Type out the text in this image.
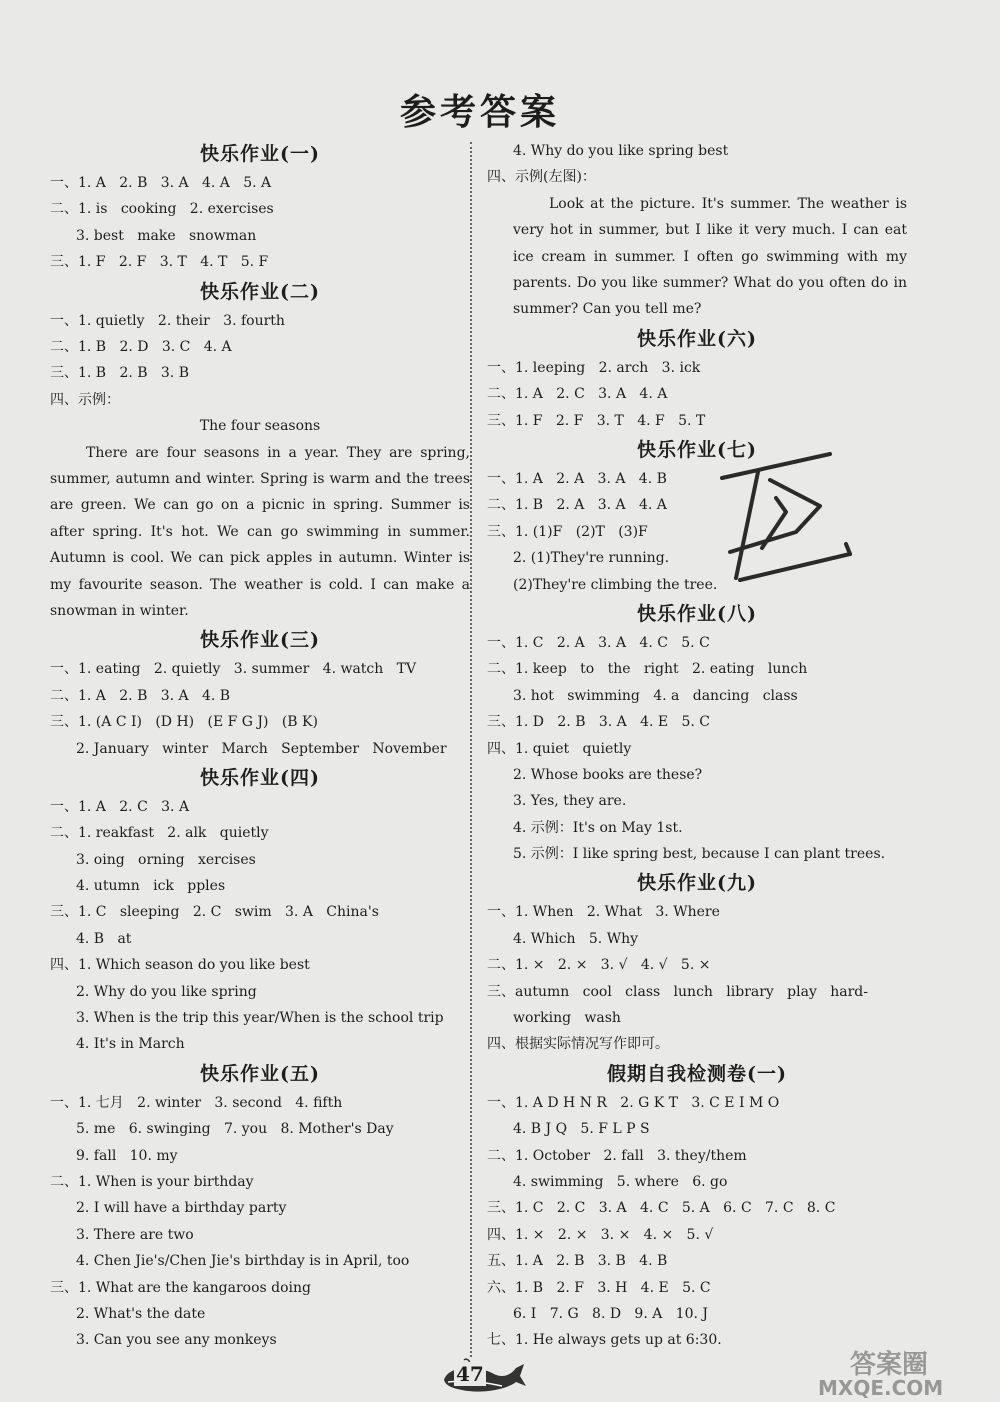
参考答案
快乐作业(一)
一、1. A   2. B   3. A   4. A   5. A
二、1. is   cooking   2. exercises
3. best   make   snowman
三、1. F   2. F   3. T   4. T   5. F
快乐作业(二)
一、1. quietly   2. their   3. fourth
二、1. B   2. D   3. C   4. A
三、1. B   2. B   3. B
四、示例：
The four seasons

There are four seasons in a year. They are spring, summer, autumn and winter. Spring is warm and the trees are green. We can go on a picnic in spring. Summer is after spring. It's hot. We can go swimming in summer. Autumn is cool. We can pick apples in autumn. Winter is my favourite season. The weather is cold. I can make a snowman in winter.

快乐作业(三)
一、1. eating   2. quietly   3. summer   4. watch   TV
二、1. A   2. B   3. A   4. B
三、1. (A C I)   (D H)   (E F G J)   (B K)
2. January   winter   March   September   November
快乐作业(四)
一、1. A   2. C   3. A
二、1. reakfast   2. alk   quietly
3. oing   orning   xercises
4. utumn   ick   pples
三、1. C   sleeping   2. C   swim   3. A   China's
4. B   at
四、1. Which season do you like best
2. Why do you like spring
3. When is the trip this year/When is the school trip
4. It's in March
快乐作业(五)
一、1. 七月   2. winter   3. second   4. fifth
5. me   6. swinging   7. you   8. Mother's Day
9. fall   10. my
二、1. When is your birthday
2. I will have a birthday party
3. There are two
4. Chen Jie's/Chen Jie's birthday is in April, too
三、1. What are the kangaroos doing
2. What's the date
3. Can you see any monkeys
4. Why do you like spring best
四、示例(左图)：

Look at the picture. It's summer. The weather is very hot in summer, but I like it very much. I can eat ice cream in summer. I often go swimming with my parents. Do you like summer? What do you often do in summer? Can you tell me?

快乐作业(六)
一、1. leeping   2. arch   3. ick
二、1. A   2. C   3. A   4. A
三、1. F   2. F   3. T   4. F   5. T
快乐作业(七)
一、1. A   2. A   3. A   4. B
二、1. B   2. A   3. A   4. A
三、1. (1)F   (2)T   (3)F
2. (1)They're running.
(2)They're climbing the tree.
快乐作业(八)
一、1. C   2. A   3. A   4. C   5. C
二、1. keep   to   the   right   2. eating   lunch
3. hot   swimming   4. a   dancing   class
三、1. D   2. B   3. A   4. E   5. C
四、1. quiet   quietly
2. Whose books are these?
3. Yes, they are.
4. 示例：It's on May 1st.
5. 示例：I like spring best, because I can plant trees.
快乐作业(九)
一、1. When   2. What   3. Where
4. Which   5. Why
二、1. ×   2. ×   3. √   4. √   5. ×
三、autumn   cool   class   lunch   library   play   hard-
working   wash
四、根据实际情况写作即可。
假期自我检测卷(一)
一、1. A D H N R   2. G K T   3. C E I M O
4. B J Q   5. F L P S
二、1. October   2. fall   3. they/them
4. swimming   5. where   6. go
三、1. C   2. C   3. A   4. C   5. A   6. C   7. C   8. C
四、1. ×   2. ×   3. ×   4. ×   5. √
五、1. A   2. B   3. B   4. B
六、1. B   2. F   3. H   4. E   5. C
6. I   7. G   8. D   9. A   10. J
七、1. He always gets up at 6:30.
47	答案圈
MXQE.COM
